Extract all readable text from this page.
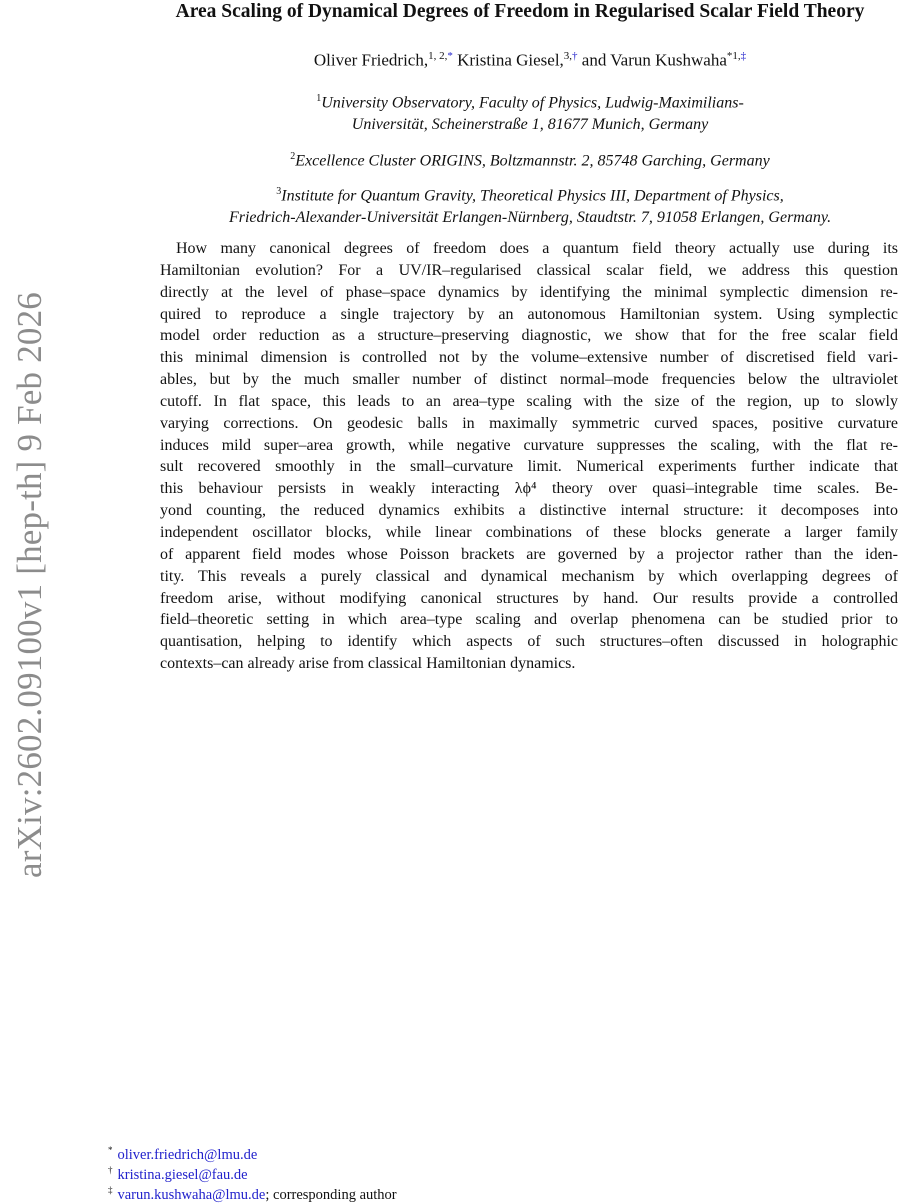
arXiv:2602.09100v1 [hep-th] 9 Feb 2026
Area Scaling of Dynamical Degrees of Freedom in Regularised Scalar Field Theory
Oliver Friedrich,$^{1, 2,*}$ Kristina Giesel,$^{3,\dagger}$ and Varun Kushwaha$^{*1,\ddagger}$
$^1$University Observatory, Faculty of Physics, Ludwig-Maximilians-
Universität, Scheinerstraße 1, 81677 Munich, Germany
$^2$Excellence Cluster ORIGINS, Boltzmannstr. 2, 85748 Garching, Germany
$^3$Institute for Quantum Gravity, Theoretical Physics III, Department of Physics,
Friedrich-Alexander-Universität Erlangen-Nürnberg, Staudtstr. 7, 91058 Erlangen, Germany.
How many canonical degrees of freedom does a quantum field theory actually use during its
Hamiltonian evolution? For a UV/IR–regularised classical scalar field, we address this question
directly at the level of phase–space dynamics by identifying the minimal symplectic dimension re-
quired to reproduce a single trajectory by an autonomous Hamiltonian system. Using symplectic
model order reduction as a structure–preserving diagnostic, we show that for the free scalar field
this minimal dimension is controlled not by the volume–extensive number of discretised field vari-
ables, but by the much smaller number of distinct normal–mode frequencies below the ultraviolet
cutoff. In flat space, this leads to an area–type scaling with the size of the region, up to slowly
varying corrections. On geodesic balls in maximally symmetric curved spaces, positive curvature
induces mild super–area growth, while negative curvature suppresses the scaling, with the flat re-
sult recovered smoothly in the small–curvature limit. Numerical experiments further indicate that
this behaviour persists in weakly interacting λϕ⁴ theory over quasi–integrable time scales. Be-
yond counting, the reduced dynamics exhibits a distinctive internal structure: it decomposes into
independent oscillator blocks, while linear combinations of these blocks generate a larger family
of apparent field modes whose Poisson brackets are governed by a projector rather than the iden-
tity. This reveals a purely classical and dynamical mechanism by which overlapping degrees of
freedom arise, without modifying canonical structures by hand. Our results provide a controlled
field–theoretic setting in which area–type scaling and overlap phenomena can be studied prior to
quantisation, helping to identify which aspects of such structures–often discussed in holographic
contexts–can already arise from classical Hamiltonian dynamics.
* oliver.friedrich@lmu.de
† kristina.giesel@fau.de
‡ varun.kushwaha@lmu.de; corresponding author
